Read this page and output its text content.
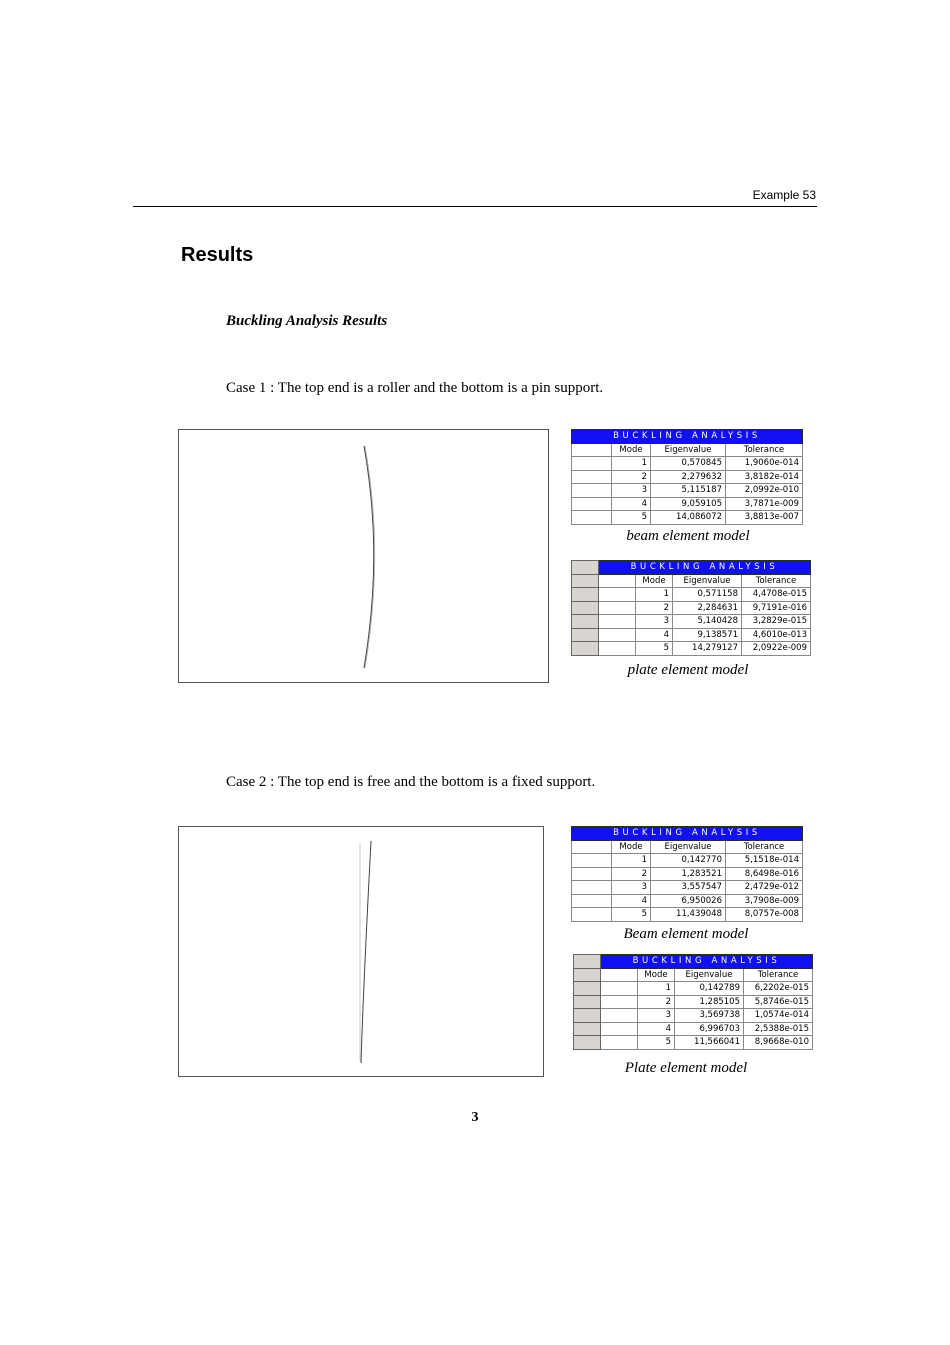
Example 53
Results
Buckling Analysis Results
Case 1 : The top end is a roller and the bottom is a pin support.
BUCKLING ANALYSIS			
	Mode	Eigenvalue	Tolerance
	1	0,570845	1,9060e-014
	2	2,279632	3,8182e-014
	3	5,115187	2,0992e-010
	4	9,059105	3,7871e-009
	5	14,086072	3,8813e-007
beam element model
	BUCKLING ANALYSIS			
		Mode	Eigenvalue	Tolerance
		1	0,571158	4,4708e-015
		2	2,284631	9,7191e-016
		3	5,140428	3,2829e-015
		4	9,138571	4,6010e-013
		5	14,279127	2,0922e-009
plate element model
Case 2 : The top end is free and the bottom is a fixed support.
BUCKLING ANALYSIS			
	Mode	Eigenvalue	Tolerance
	1	0,142770	5,1518e-014
	2	1,283521	8,6498e-016
	3	3,557547	2,4729e-012
	4	6,950026	3,7908e-009
	5	11,439048	8,0757e-008
Beam element model
	BUCKLING ANALYSIS			
		Mode	Eigenvalue	Tolerance
		1	0,142789	6,2202e-015
		2	1,285105	5,8746e-015
		3	3,569738	1,0574e-014
		4	6,996703	2,5388e-015
		5	11,566041	8,9668e-010
Plate element model
3
